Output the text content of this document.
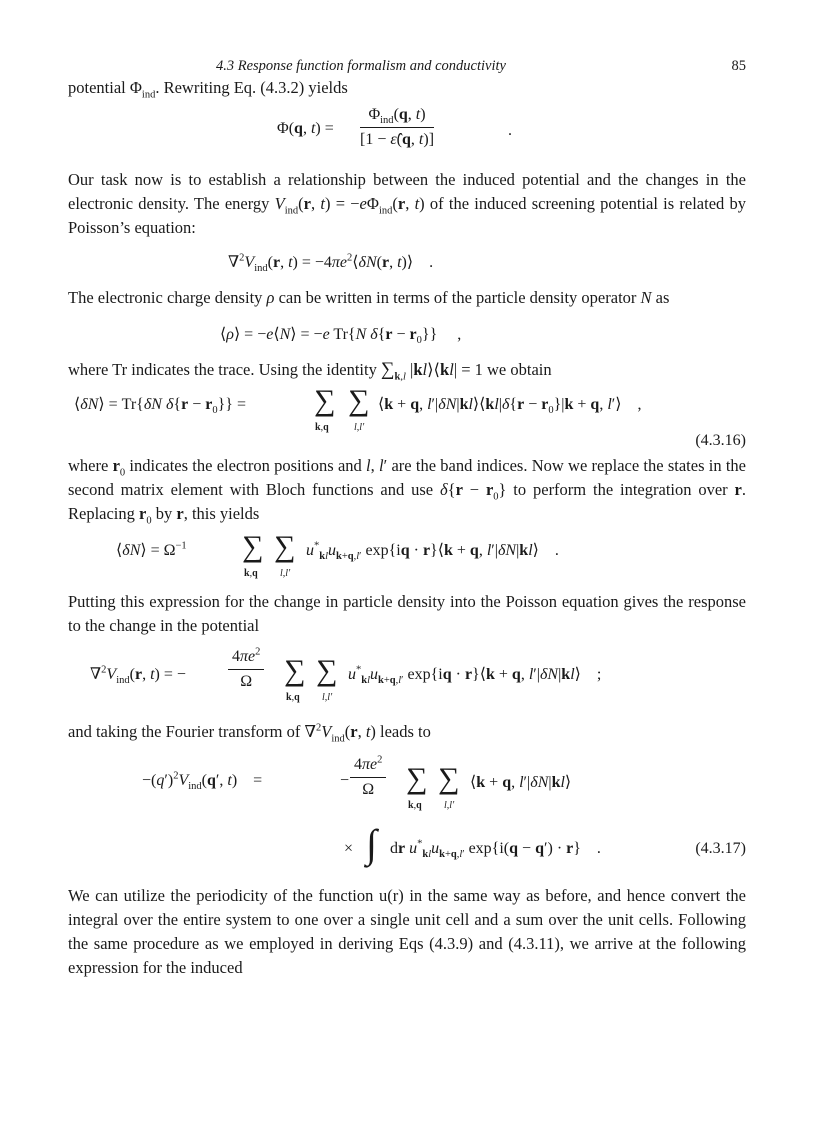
4.3 Response function formalism and conductivity	85

potential $\Phi_{ind}$. Rewriting Eq. (4.3.2) yields

Φ(q, t) =
$\Phi_{ind}(q$, t)
[1 − ε̂(q, t)]
.

Our task now is to establish a relationship between the induced potential and the changes in the electronic density. The energy $V_{ind}(r$, $t) = -e\Phi_{ind}(r$, t) of the induced screening potential is related by Poisson’s equation:

$\nabla^2V_{ind}(r$, $t) = -4\pi e^2⟨\delta N(r$, t)⟩    .

The electronic charge density ρ can be written in terms of the particle density operator N as

⟨ρ⟩ = −e⟨N⟩ = −e Tr{N $\delta\{r - r_0\}$}     ,

where Tr indicates the trace. Using the identity $\sum_{k,l}$ |kl⟩⟨kl| = 1 we obtain

⟨δN⟩ = Tr{δN $\delta\{r - r_0\}$} = ∑ ∑
k,q	l,l′
⟨k + q, l′|δN|kl⟩⟨kl|δ{r − $r_0\}|k + q$, l′⟩    ,
(4.3.16)

where $r_0$ indicates the electron positions and l, l′ are the band indices. Now we replace the states in the second matrix element with Bloch functions and use $\delta\{r - r_0\}$ to perform the integration over r. Replacing $r_0$ by r, this yields

⟨δN⟩ = $\Omega^{-1}$ ∑ ∑
k,q l,l′
$u^*_{kl}u_{k+q,l'}$ exp{iq · r}⟨k + q, l′|δN|kl⟩    .

Putting this expression for the change in particle density into the Poisson equation gives the response to the change in the potential

$\nabla^2V_{ind}(r$, t) = −	$\frac{4\pi e^2}{\Omega}$ ∑ ∑
k,q l,l′
$u^*_{kl}u_{k+q,l'}$ exp{iq · r}⟨k + q, l′|δN|kl⟩    ;

and taking the Fourier transform of $\nabla^2V_{ind}(r$, t) leads to

$-(q')^2V_{ind}(q'$, t)    =	− $\frac{4\pi e^2}{\Omega}$ ∑ ∑
k,q l,l′
⟨k + q, l′|δN|kl⟩
× ∫ dr $u^*_{kl}u_{k+q,l'}$ exp{i(q − q′) · r}    .	(4.3.17)

We can utilize the periodicity of the function u(r) in the same way as before, and hence convert the integral over the entire system to one over a single unit cell and a sum over the unit cells. Following the same procedure as we employed in deriving Eqs (4.3.9) and (4.3.11), we arrive at the following expression for the induced
